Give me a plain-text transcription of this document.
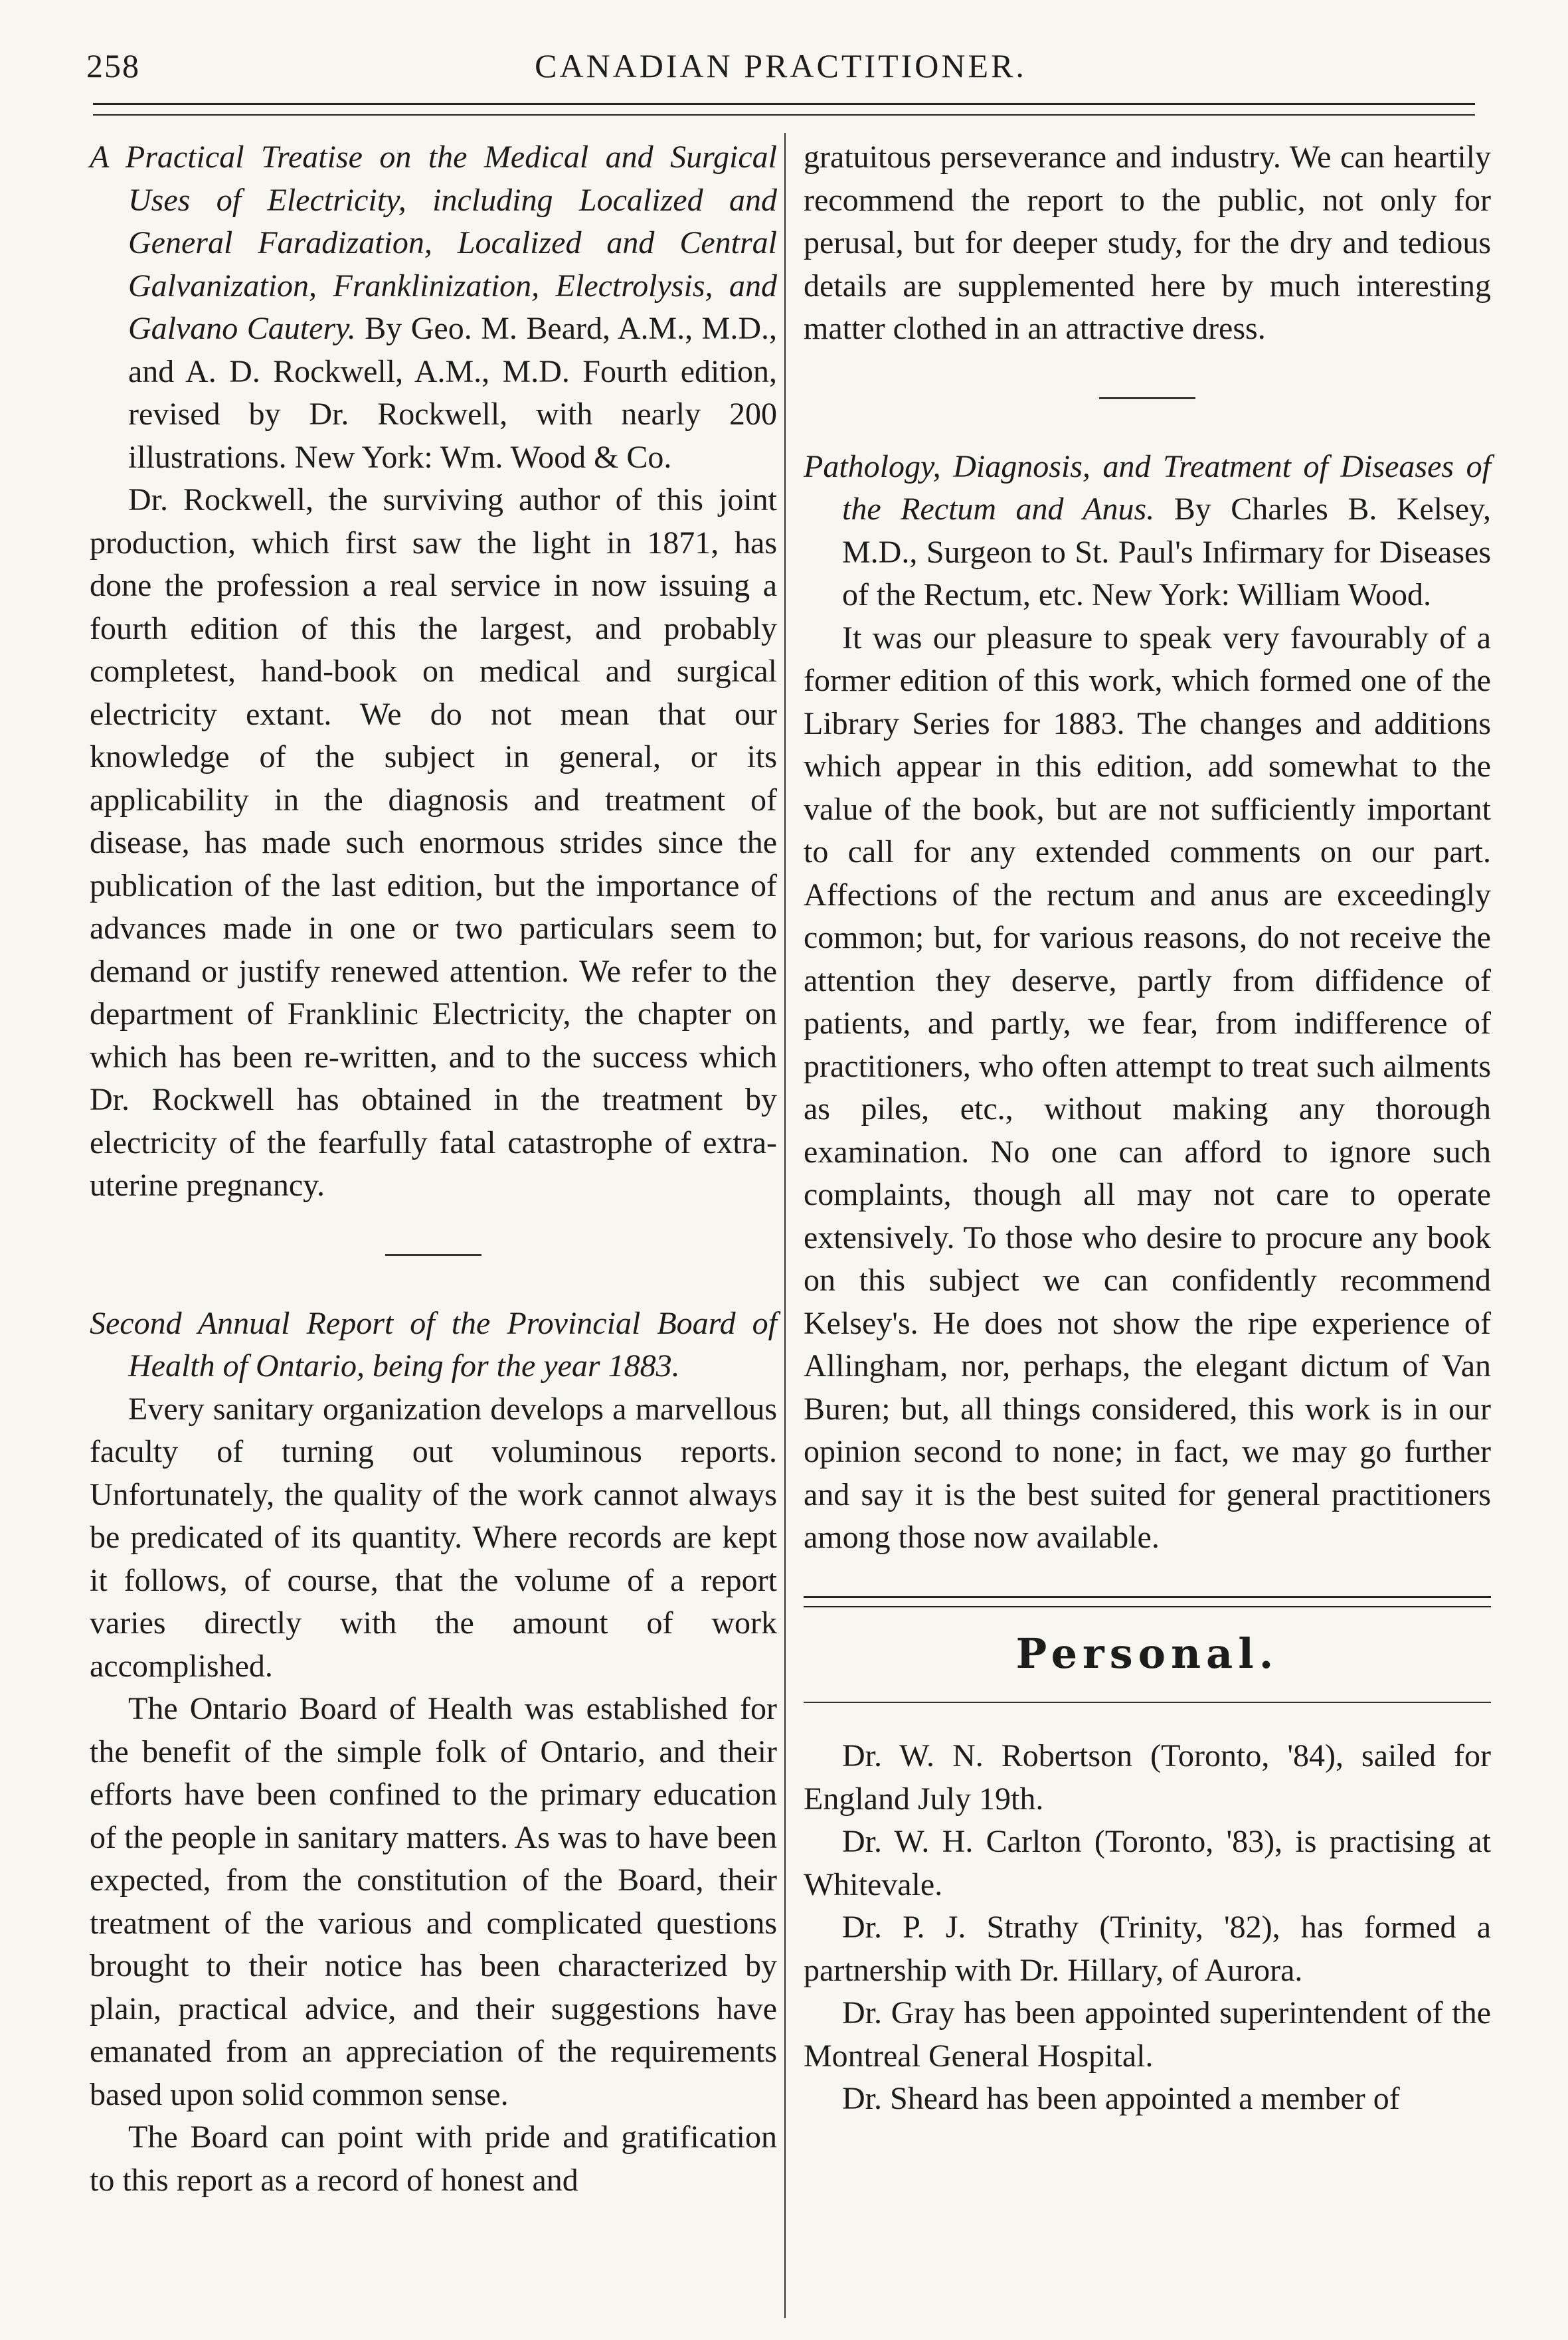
258	CANADIAN PRACTITIONER.

A Practical Treatise on the Medical and Surgical Uses of Electricity, including Localized and General Faradization, Localized and Central Galvanization, Franklinization, Electrolysis, and Galvano Cautery. By Geo. M. Beard, A.M., M.D., and A. D. Rockwell, A.M., M.D. Fourth edition, revised by Dr. Rockwell, with nearly 200 illustrations. New York: Wm. Wood & Co.

Dr. Rockwell, the surviving author of this joint production, which first saw the light in 1871, has done the profession a real service in now issuing a fourth edition of this the largest, and probably completest, hand-book on medical and surgical electricity extant. We do not mean that our knowledge of the subject in general, or its applicability in the diagnosis and treatment of disease, has made such enormous strides since the publication of the last edition, but the importance of advances made in one or two particulars seem to demand or justify renewed attention. We refer to the department of Franklinic Electricity, the chapter on which has been re-written, and to the success which Dr. Rockwell has obtained in the treatment by electricity of the fearfully fatal catastrophe of extra-uterine pregnancy.

Second Annual Report of the Provincial Board of Health of Ontario, being for the year 1883.

Every sanitary organization develops a marvellous faculty of turning out voluminous reports. Unfortunately, the quality of the work cannot always be predicated of its quantity. Where records are kept it follows, of course, that the volume of a report varies directly with the amount of work accomplished.

The Ontario Board of Health was established for the benefit of the simple folk of Ontario, and their efforts have been confined to the primary education of the people in sanitary matters. As was to have been expected, from the constitution of the Board, their treatment of the various and complicated questions brought to their notice has been characterized by plain, practical advice, and their suggestions have emanated from an appreciation of the requirements based upon solid common sense.

The Board can point with pride and gratification to this report as a record of honest and

gratuitous perseverance and industry. We can heartily recommend the report to the public, not only for perusal, but for deeper study, for the dry and tedious details are supplemented here by much interesting matter clothed in an attractive dress.

Pathology, Diagnosis, and Treatment of Diseases of the Rectum and Anus. By Charles B. Kelsey, M.D., Surgeon to St. Paul's Infirmary for Diseases of the Rectum, etc. New York: William Wood.

It was our pleasure to speak very favourably of a former edition of this work, which formed one of the Library Series for 1883. The changes and additions which appear in this edition, add somewhat to the value of the book, but are not sufficiently important to call for any extended comments on our part. Affections of the rectum and anus are exceedingly common; but, for various reasons, do not receive the attention they deserve, partly from diffidence of patients, and partly, we fear, from indifference of practitioners, who often attempt to treat such ailments as piles, etc., without making any thorough examination. No one can afford to ignore such complaints, though all may not care to operate extensively. To those who desire to procure any book on this subject we can confidently recommend Kelsey's. He does not show the ripe experience of Allingham, nor, perhaps, the elegant dictum of Van Buren; but, all things considered, this work is in our opinion second to none; in fact, we may go further and say it is the best suited for general practitioners among those now available.

Personal.

Dr. W. N. Robertson (Toronto, '84), sailed for England July 19th.

Dr. W. H. Carlton (Toronto, '83), is practising at Whitevale.

Dr. P. J. Strathy (Trinity, '82), has formed a partnership with Dr. Hillary, of Aurora.

Dr. Gray has been appointed superintendent of the Montreal General Hospital.

Dr. Sheard has been appointed a member of
